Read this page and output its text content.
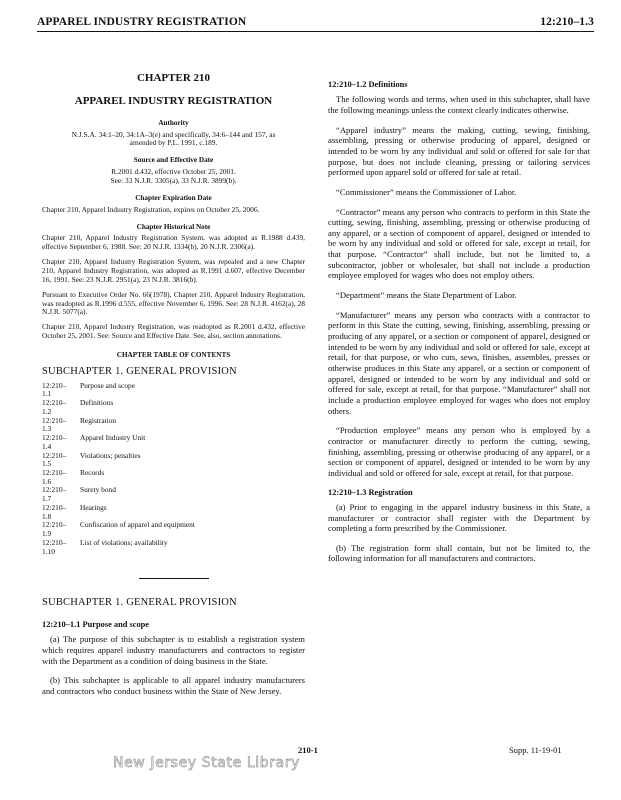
APPAREL INDUSTRY REGISTRATION	12:210–1.3
CHAPTER 210
APPAREL INDUSTRY REGISTRATION
Authority
N.J.S.A. 34:1–20, 34:1A–3(e) and specifically, 34:6–144 and 157, as amended by P.L. 1991, c.189.
Source and Effective Date
R.2001 d.432, effective October 25, 2001.
See: 33 N.J.R. 3305(a), 33 N.J.R. 3899(b).
Chapter Expiration Date
Chapter 210, Apparel Industry Registration, expires on October 25, 2006.
Chapter Historical Note
Chapter 210, Apparel Industry Registration System, was adopted as R.1988 d.439, effective September 6, 1988. See: 20 N.J.R. 1334(b), 20 N.J.R. 2306(a).
Chapter 210, Apparel Industry Registration System, was repealed and a new Chapter 210, Apparel Industry Registration, was adopted as R.1991 d.607, effective December 16, 1991. See: 23 N.J.R. 2951(a), 23 N.J.R. 3816(b).
Pursuant to Executive Order No. 66(1978), Chapter 210, Apparel Industry Registration, was readopted as R.1996 d.555, effective November 6, 1996. See: 28 N.J.R. 4162(a), 28 N.J.R. 5077(a).
Chapter 210, Apparel Industry Registration, was readopted as R.2001 d.432, effective October 25, 2001. See: Source and Effective Date. See, also, section annotations.
CHAPTER TABLE OF CONTENTS
SUBCHAPTER 1. GENERAL PROVISION
12:210–1.1	Purpose and scope
12:210–1.2	Definitions
12:210–1.3	Registration
12:210–1.4	Apparel Industry Unit
12:210–1.5	Violations; penalties
12:210–1.6	Records
12:210–1.7	Surety bond
12:210–1.8	Hearings
12:210–1.9	Confiscation of apparel and equipment
12:210–1.10	List of violations; availability
SUBCHAPTER 1. GENERAL PROVISION
12:210–1.1 Purpose and scope
(a) The purpose of this subchapter is to establish a registration system which requires apparel industry manufacturers and contractors to register with the Department as a condition of doing business in the State.
(b) This subchapter is applicable to all apparel industry manufacturers and contractors who conduct business within the State of New Jersey.
12:210–1.2 Definitions
The following words and terms, when used in this subchapter, shall have the following meanings unless the context clearly indicates otherwise.
“Apparel industry” means the making, cutting, sewing, finishing, assembling, pressing or otherwise producing of apparel, designed or intended to be worn by any individual and sold or offered for sale for that purpose, but does not include cleaning, pressing or tailoring services performed upon apparel sold or offered for sale at retail.
“Commissioner” means the Commissioner of Labor.
“Contractor” means any person who contracts to perform in this State the cutting, sewing, finishing, assembling, pressing or otherwise producing of any apparel, or a section of component of apparel, designed or intended to be worn by any individual and sold or offered for sale, except at retail, for that purpose. “Contractor” shall include, but not be limited to, a subcontractor, jobber or wholesaler, but shall not include a production employee employed for wages who does not employ others.
“Department” means the State Department of Labor.
“Manufacturer” means any person who contracts with a contractor to perform in this State the cutting, sewing, finishing, assembling, pressing or producing of any apparel, or a section or component of apparel, designed or intended to be worn by any individual and sold or offered for sale, except at retail, for that purpose, or who cuts, sews, finishes, assembles, presses or otherwise produces in this State any apparel, or a section or component of apparel, designed or intended to be worn by any individual and sold or offered for sale, except at retail, for that purpose. “Manufacturer” shall not include a production employee employed for wages who does not employ others.
“Production employee” means any person who is employed by a contractor or manufacturer directly to perform the cutting, sewing, finishing, assembling, pressing or otherwise producing of any apparel, or a section or component of apparel, designed or intended to be worn by any individual and sold or offered for sale, except at retail, for that purpose.
12:210–1.3 Registration
(a) Prior to engaging in the apparel industry business in this State, a manufacturer or contractor shall register with the Department by completing a form prescribed by the Commissioner.
(b) The registration form shall contain, but not be limited to, the following information for all manufacturers and contractors.
210-1	Supp. 11-19-01
New Jersey State Library
